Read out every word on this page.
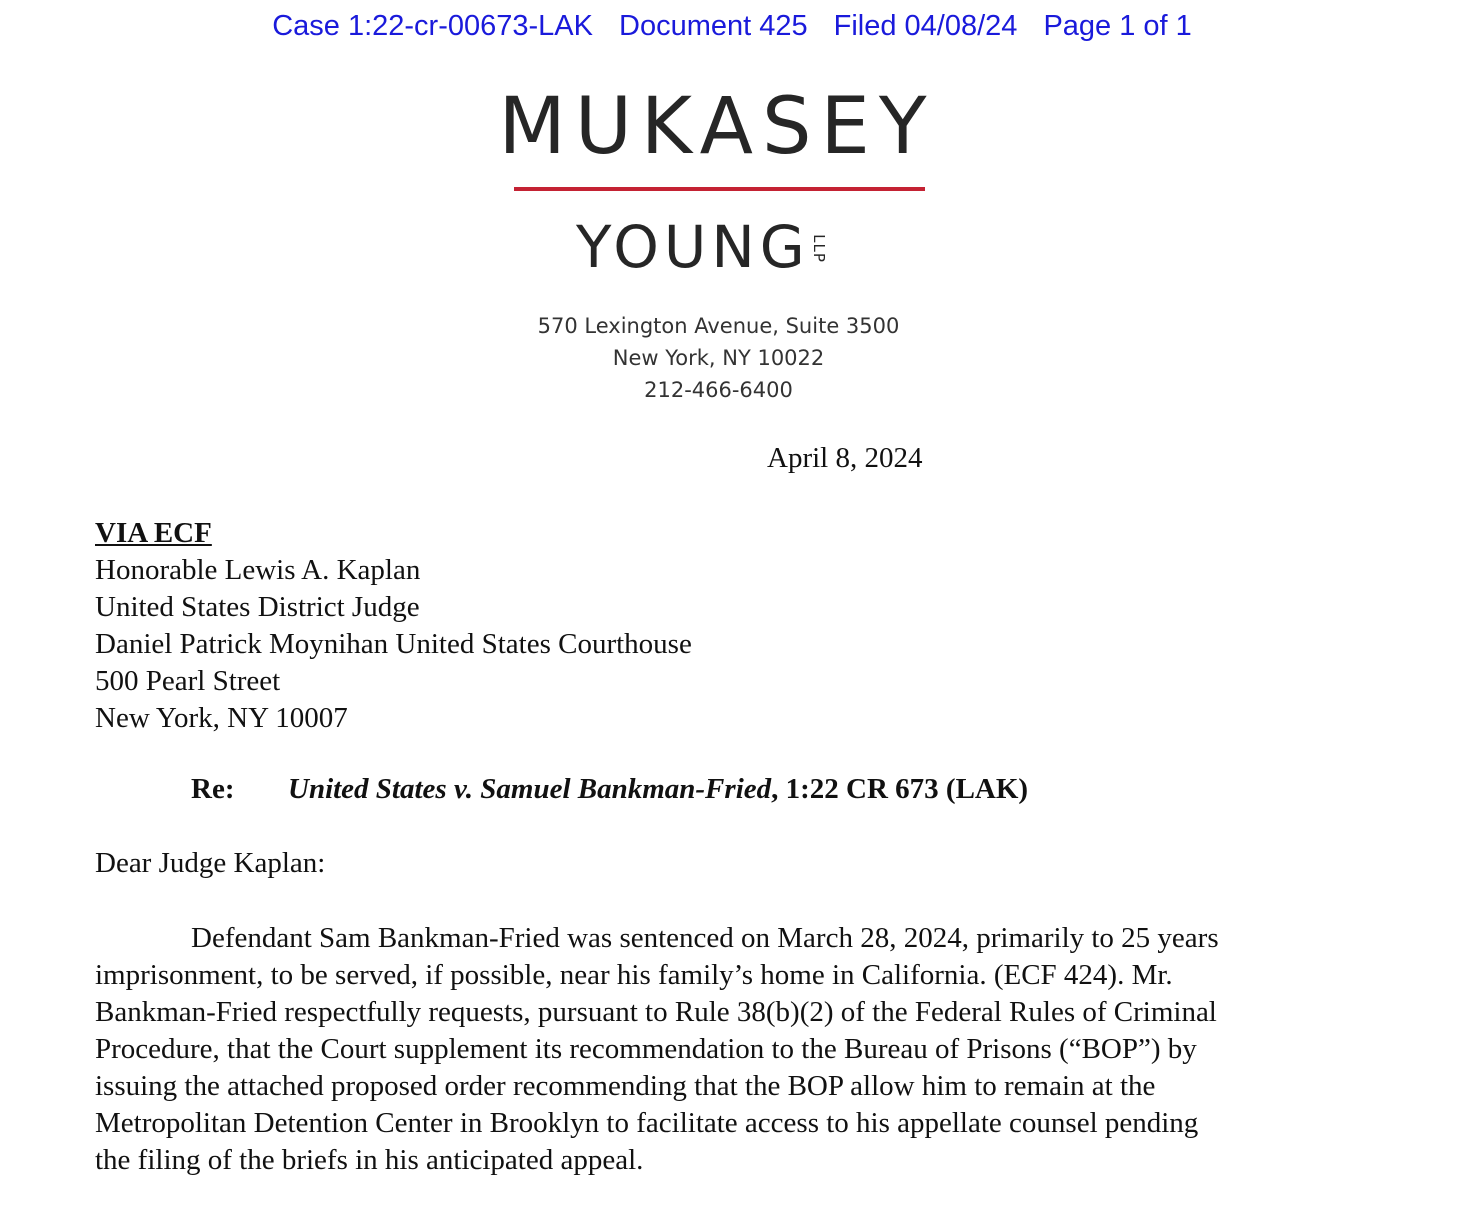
Case 1:22-cr-00673-LAK Document 425 Filed 04/08/24 Page 1 of 1
MUKASEY
YOUNGLLP
570 Lexington Avenue, Suite 3500
New York, NY 10022
212-466-6400
April 8, 2024
VIA ECF
Honorable Lewis A. Kaplan
United States District Judge
Daniel Patrick Moynihan United States Courthouse
500 Pearl Street
New York, NY 10007
Re: United States v. Samuel Bankman-Fried, 1:22 CR 673 (LAK)
Dear Judge Kaplan:
Defendant Sam Bankman-Fried was sentenced on March 28, 2024, primarily to 25 years
imprisonment, to be served, if possible, near his family’s home in California. (ECF 424). Mr.
Bankman-Fried respectfully requests, pursuant to Rule 38(b)(2) of the Federal Rules of Criminal
Procedure, that the Court supplement its recommendation to the Bureau of Prisons (“BOP”) by
issuing the attached proposed order recommending that the BOP allow him to remain at the
Metropolitan Detention Center in Brooklyn to facilitate access to his appellate counsel pending
the filing of the briefs in his anticipated appeal.
